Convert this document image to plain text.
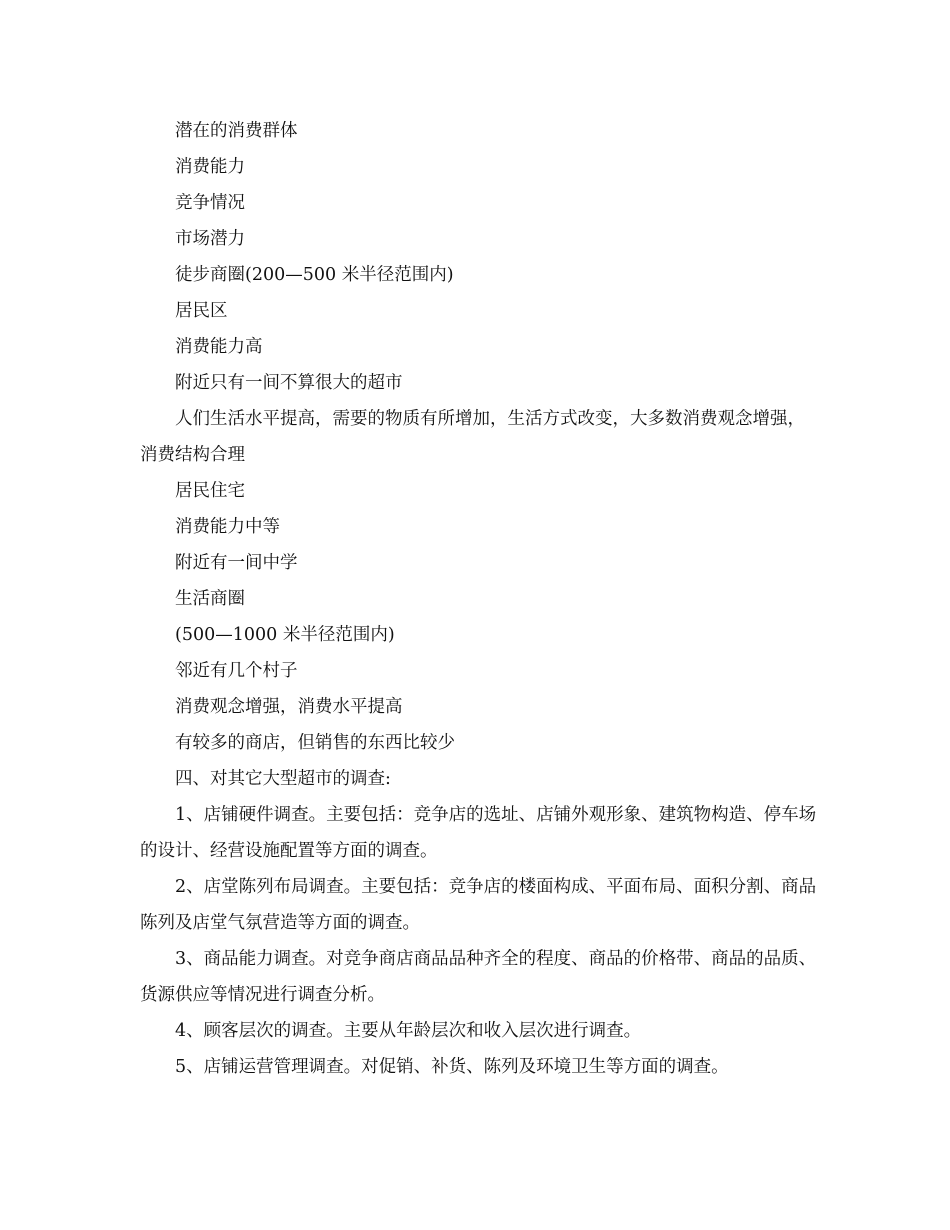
潜在的消费群体

消费能力

竞争情况

市场潜力

徒步商圈(200—500 米半径范围内)

居民区

消费能力高

附近只有一间不算很大的超市

人们生活水平提高，需要的物质有所增加，生活方式改变，大多数消费观念增强，消费结构合理

居民住宅

消费能力中等

附近有一间中学

生活商圈

(500—1000 米半径范围内)

邻近有几个村子

消费观念增强，消费水平提高

有较多的商店，但销售的东西比较少

四、对其它大型超市的调查:

1、店铺硬件调查。主要包括：竞争店的选址、店铺外观形象、建筑物构造、停车场的设计、经营设施配置等方面的调查。

2、店堂陈列布局调查。主要包括：竞争店的楼面构成、平面布局、面积分割、商品陈列及店堂气氛营造等方面的调查。

3、商品能力调查。对竞争商店商品品种齐全的程度、商品的价格带、商品的品质、货源供应等情况进行调查分析。

4、顾客层次的调查。主要从年龄层次和收入层次进行调查。

5、店铺运营管理调查。对促销、补货、陈列及环境卫生等方面的调查。
